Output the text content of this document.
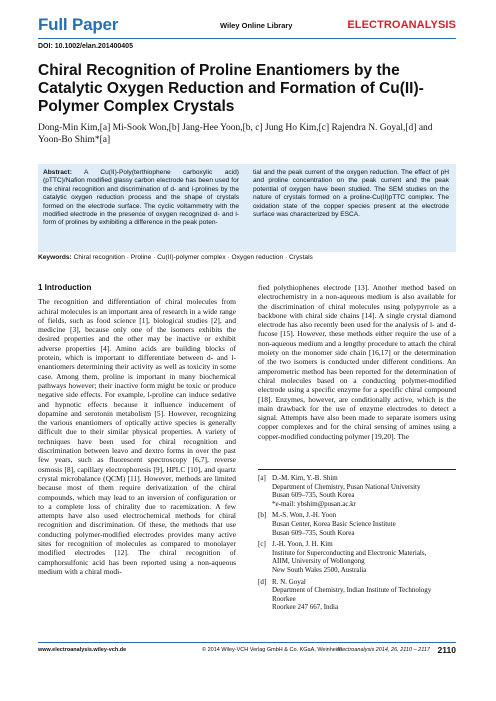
Full Paper	Wiley Online Library	ELECTROANALYSIS
DOI: 10.1002/elan.201400405
Chiral Recognition of Proline Enantiomers by the Catalytic Oxygen Reduction and Formation of Cu(II)-Polymer Complex Crystals
Dong-Min Kim,[a] Mi-Sook Won,[b] Jang-Hee Yoon,[b, c] Jung Ho Kim,[c] Rajendra N. Goyal,[d] and Yoon-Bo Shim*[a]
Abstract: A Cu(II)-Poly(terthiophene carboxylic acid) (pTTC)/Nafion modified glassy carbon electrode has been used for the chiral recognition and discrimination of d- and l-prolines by the catalytic oxygen reduction process and the shape of crystals formed on the electrode surface. The cyclic voltammetry with the modified electrode in the presence of oxygen recognized d- and l-form of prolines by exhibiting a difference in the peak poten-
tial and the peak current of the oxygen reduction. The effect of pH and proline concentration on the peak current and the peak potential of oxygen have been studied. The SEM studies on the nature of crystals formed on a proline-Cu(II)pTTC complex. The oxidation state of the copper species present at the electrode surface was characterized by ESCA.
Keywords: Chiral recognition · Proline · Cu(II)-polymer complex · Oxygen reduction · Crystals

1 Introduction

The recognition and differentiation of chiral molecules from achiral molecules is an important area of research in a wide range of fields, such as food science [1], biological studies [2], and medicine [3], because only one of the isomers exhibits the desired properties and the other may be inactive or exhibit adverse properties [4]. Amino acids are building blocks of protein, which is important to differentiate between d- and l-enantiomers determining their activity as well as toxicity in some case. Among them, proline is important in many biochemical pathways however; their inactive form might be toxic or produce negative side effects. For example, l-proline can induce sedative and hypnotic effects because it influence inducement of dopamine and serotonin metabolism [5]. However, recognizing the various enantiomers of optically active species is generally difficult due to their similar physical properties. A variety of techniques have been used for chiral recognition and discrimination between leavo and dextro forms in over the past few years, such as fluorescent spectroscopy [6,7], reverse osmosis [8], capillary electrophoresis [9], HPLC [10], and quartz crystal microbalance (QCM) [11]. However, methods are limited because most of them require derivatization of the chiral compounds, which may lead to an inversion of configuration or to a complete loss of chirality due to racemization. A few attempts have also used electrochemical methods for chiral recognition and discrimination. Of these, the methods that use conducting polymer-modified electrodes provides many active sites for recognition of molecules as compared to monolayer modified electrodes [12]. The chiral recognition of camphorsulfonic acid has been reported using a non-aqueous medium with a chiral modi-

fied polythiophenes electrode [13]. Another method based on electrochemistry in a non-aqueous medium is also available for the discrimination of chiral molecules using polypyrrole as a backbone with chiral side chains [14]. A single crystal diamond electrode has also recently been used for the analysis of l- and d-fucose [15]. However, these methods either require the use of a non-aqueous medium and a lengthy procedure to attach the chiral moiety on the monomer side chain [16,17] or the determination of the two isomers is conducted under different conditions. An amperometric method has been reported for the determination of chiral molecules based on a conducting polymer-modified electrode using a specific enzyme for a specific chiral compound [18]. Enzymes, however, are conditionally active, which is the main drawback for the use of enzyme electrodes to detect a signal. Attempts have also been made to separate isomers using copper complexes and for the chiral sensing of amines using a copper-modified conducting polymer [19,20]. The

[a] D.-M. Kim, Y.-B. Shim
Department of Chemistry, Pusan National University
Busan 609–735, South Korea
*e-mail: ybshim@pusan.ac.kr
[b] M.-S. Won, J.-H. Yoon
Busan Center, Korea Basic Science Institute
Busan 609–735, South Korea
[c] J.-H. Yoon, J. H. Kim
Institute for Superconducting and Electronic Materials,
AIIM, University of Wollongong
New South Wales 2500, Australia
[d] R. N. Goyal
Department of Chemistry, Indian Institute of Technology
Roorkee
Roorkee 247 667, India
www.electroanalysis.wiley-vch.de	© 2014 Wiley-VCH Verlag GmbH & Co. KGaA, Weinheim
Electroanalysis 2014, 26, 2110 – 2117 2110
